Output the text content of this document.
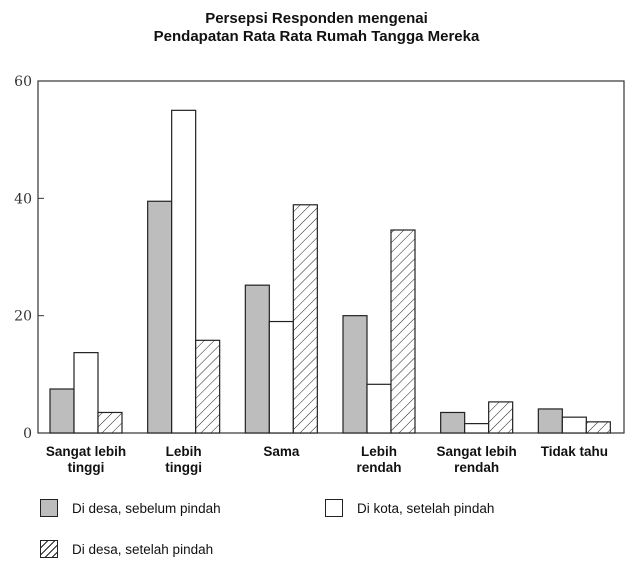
Persepsi Responden mengenai
Pendapatan Rata Rata Rumah Tangga Mereka
0
20
40
60
Sangat lebih tinggi
Lebih tinggi
Sama	Lebih rendah
Sangat lebih rendah
Tidak tahu
Di desa, sebelum pindah	Di kota, setelah pindah
Di desa, setelah pindah
